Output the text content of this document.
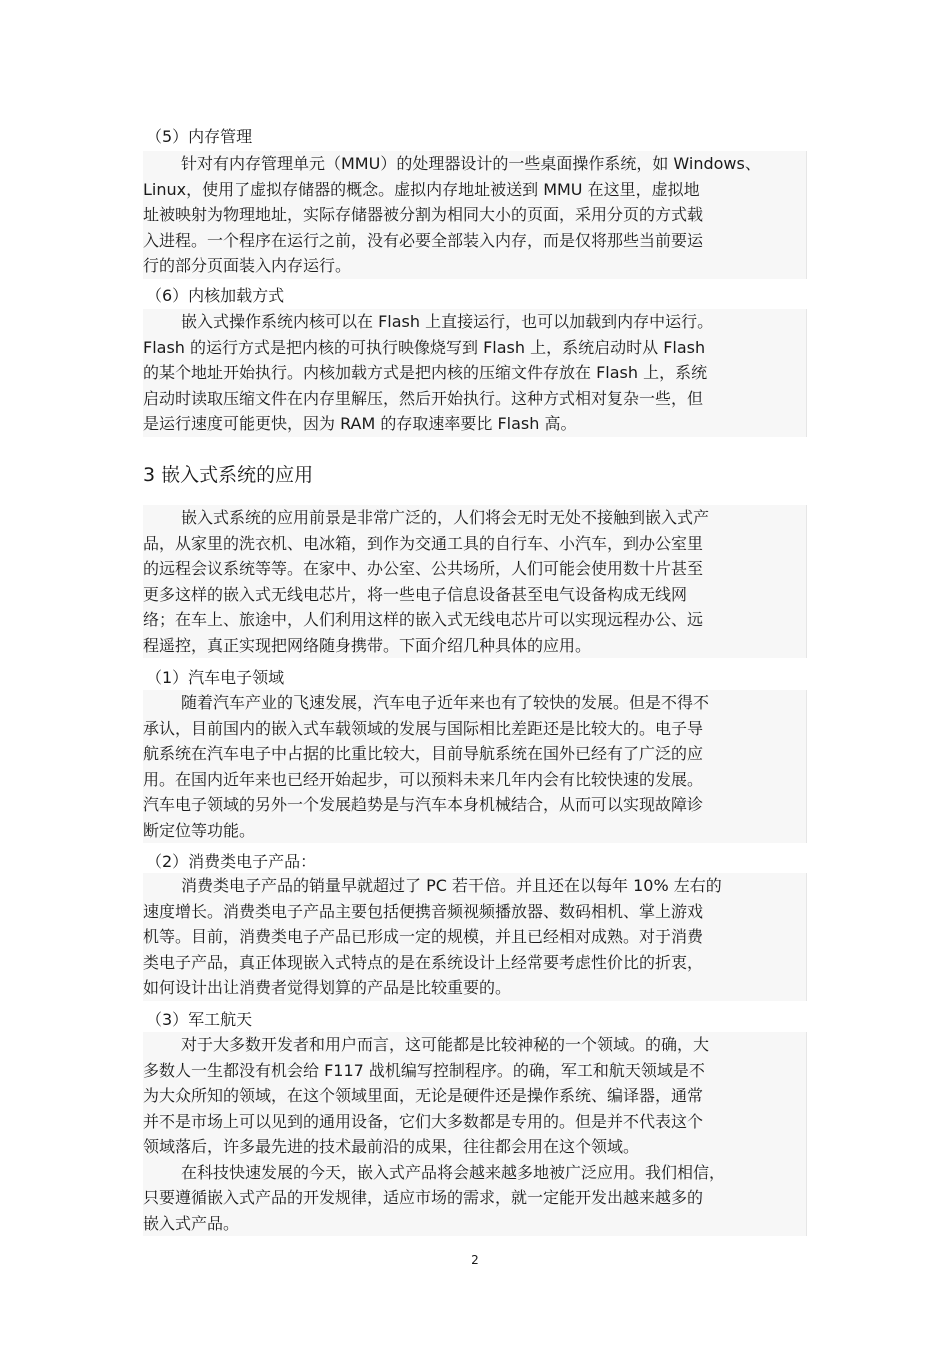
（5）内存管理
针对有内存管理单元（MMU）的处理器设计的一些桌面操作系统，如 Windows、
Linux，使用了虚拟存储器的概念。虚拟内存地址被送到 MMU 在这里，虚拟地
址被映射为物理地址，实际存储器被分割为相同大小的页面，采用分页的方式载
入进程。一个程序在运行之前，没有必要全部装入内存，而是仅将那些当前要运
行的部分页面装入内存运行。
（6）内核加载方式
嵌入式操作系统内核可以在 Flash 上直接运行，也可以加载到内存中运行。
Flash 的运行方式是把内核的可执行映像烧写到 Flash 上，系统启动时从 Flash
的某个地址开始执行。内核加载方式是把内核的压缩文件存放在 Flash 上，系统
启动时读取压缩文件在内存里解压，然后开始执行。这种方式相对复杂一些，但
是运行速度可能更快，因为 RAM 的存取速率要比 Flash 高。
3 嵌入式系统的应用
嵌入式系统的应用前景是非常广泛的，人们将会无时无处不接触到嵌入式产
品，从家里的洗衣机、电冰箱，到作为交通工具的自行车、小汽车，到办公室里
的远程会议系统等等。在家中、办公室、公共场所，人们可能会使用数十片甚至
更多这样的嵌入式无线电芯片，将一些电子信息设备甚至电气设备构成无线网
络；在车上、旅途中，人们利用这样的嵌入式无线电芯片可以实现远程办公、远
程遥控，真正实现把网络随身携带。下面介绍几种具体的应用。
（1）汽车电子领域
随着汽车产业的飞速发展，汽车电子近年来也有了较快的发展。但是不得不
承认，目前国内的嵌入式车载领域的发展与国际相比差距还是比较大的。电子导
航系统在汽车电子中占据的比重比较大，目前导航系统在国外已经有了广泛的应
用。在国内近年来也已经开始起步，可以预料未来几年内会有比较快速的发展。
汽车电子领域的另外一个发展趋势是与汽车本身机械结合，从而可以实现故障诊
断定位等功能。
（2）消费类电子产品：
消费类电子产品的销量早就超过了 PC 若干倍。并且还在以每年 10% 左右的
速度增长。消费类电子产品主要包括便携音频视频播放器、数码相机、掌上游戏
机等。目前，消费类电子产品已形成一定的规模，并且已经相对成熟。对于消费
类电子产品，真正体现嵌入式特点的是在系统设计上经常要考虑性价比的折衷，
如何设计出让消费者觉得划算的产品是比较重要的。
（3）军工航天
对于大多数开发者和用户而言，这可能都是比较神秘的一个领域。的确，大
多数人一生都没有机会给 F117 战机编写控制程序。的确，军工和航天领域是不
为大众所知的领域，在这个领域里面，无论是硬件还是操作系统、编译器，通常
并不是市场上可以见到的通用设备，它们大多数都是专用的。但是并不代表这个
领域落后，许多最先进的技术最前沿的成果，往往都会用在这个领域。
在科技快速发展的今天，嵌入式产品将会越来越多地被广泛应用。我们相信，
只要遵循嵌入式产品的开发规律，适应市场的需求，就一定能开发出越来越多的
嵌入式产品。
2
